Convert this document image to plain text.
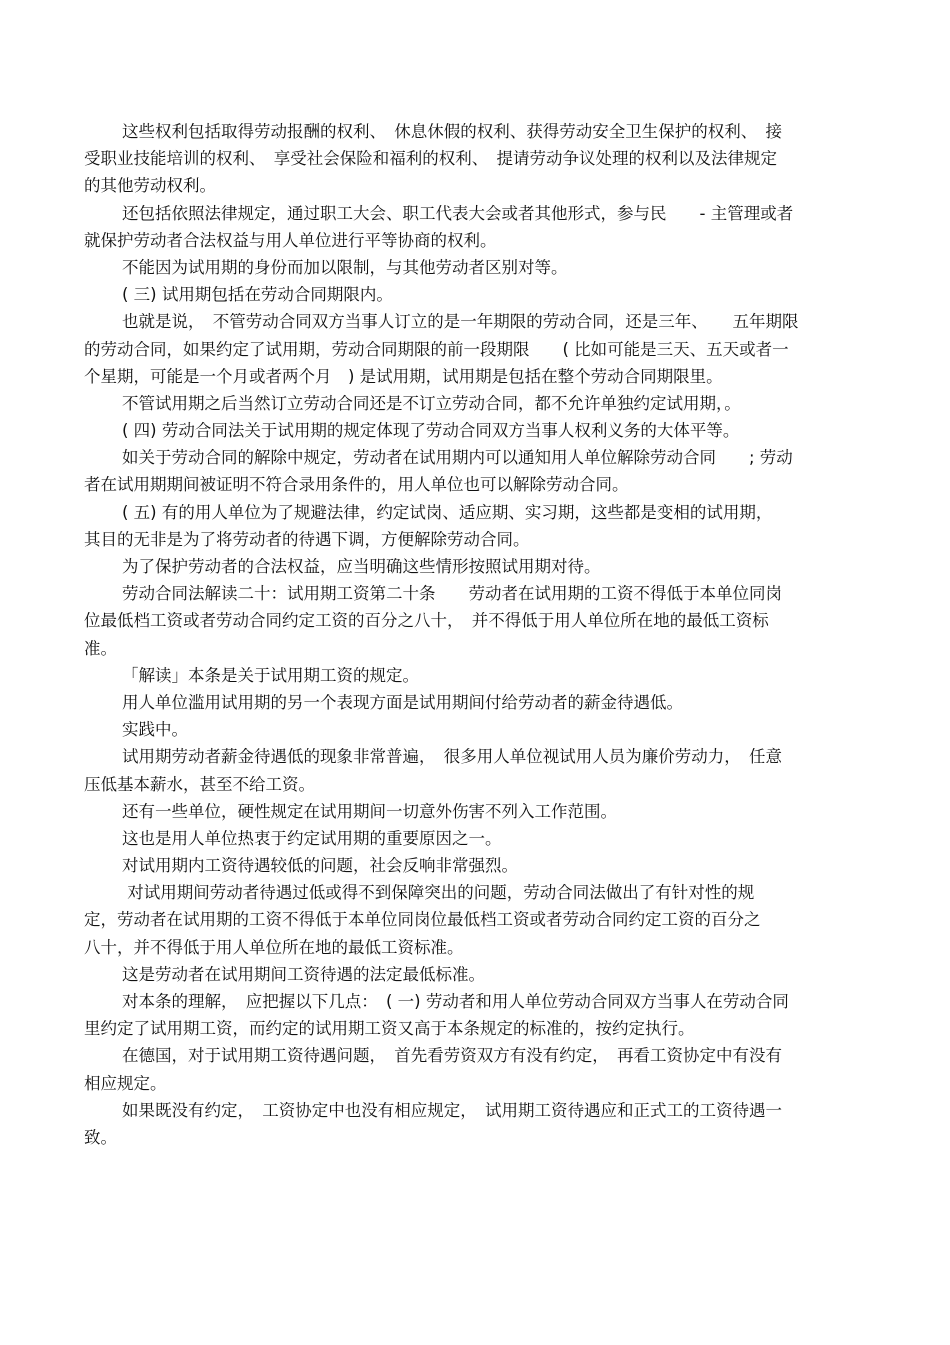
这些权利包括取得劳动报酬的权利、　休息休假的权利、获得劳动安全卫生保护的权利、　接
受职业技能培训的权利、　享受社会保险和福利的权利、　提请劳动争议处理的权利以及法律规定
的其他劳动权利。
还包括依照法律规定，通过职工大会、职工代表大会或者其他形式，参与民　　- 主管理或者
就保护劳动者合法权益与用人单位进行平等协商的权利。
不能因为试用期的身份而加以限制，与其他劳动者区别对等。
( 三) 试用期包括在劳动合同期限内。
也就是说，　不管劳动合同双方当事人订立的是一年期限的劳动合同，还是三年、　　五年期限
的劳动合同，如果约定了试用期，劳动合同期限的前一段期限　　( 比如可能是三天、五天或者一
个星期，可能是一个月或者两个月　) 是试用期，试用期是包括在整个劳动合同期限里。
不管试用期之后当然订立劳动合同还是不订立劳动合同，都不允许单独约定试用期，。
( 四) 劳动合同法关于试用期的规定体现了劳动合同双方当事人权利义务的大体平等。
如关于劳动合同的解除中规定，劳动者在试用期内可以通知用人单位解除劳动合同　　; 劳动
者在试用期期间被证明不符合录用条件的，用人单位也可以解除劳动合同。
( 五) 有的用人单位为了规避法律，约定试岗、适应期、实习期，这些都是变相的试用期，
其目的无非是为了将劳动者的待遇下调，方便解除劳动合同。
为了保护劳动者的合法权益，应当明确这些情形按照试用期对待。
劳动合同法解读二十：试用期工资第二十条　　劳动者在试用期的工资不得低于本单位同岗
位最低档工资或者劳动合同约定工资的百分之八十，　并不得低于用人单位所在地的最低工资标
准。
「解读」本条是关于试用期工资的规定。
用人单位滥用试用期的另一个表现方面是试用期间付给劳动者的薪金待遇低。
实践中。
试用期劳动者薪金待遇低的现象非常普遍，　很多用人单位视试用人员为廉价劳动力，　任意
压低基本薪水，甚至不给工资。
还有一些单位，硬性规定在试用期间一切意外伤害不列入工作范围。
这也是用人单位热衷于约定试用期的重要原因之一。
对试用期内工资待遇较低的问题，社会反响非常强烈。
对试用期间劳动者待遇过低或得不到保障突出的问题，劳动合同法做出了有针对性的规
定，劳动者在试用期的工资不得低于本单位同岗位最低档工资或者劳动合同约定工资的百分之
八十，并不得低于用人单位所在地的最低工资标准。
这是劳动者在试用期间工资待遇的法定最低标准。
对本条的理解，　应把握以下几点：　( 一) 劳动者和用人单位劳动合同双方当事人在劳动合同
里约定了试用期工资，而约定的试用期工资又高于本条规定的标准的，按约定执行。
在德国，对于试用期工资待遇问题，　首先看劳资双方有没有约定，　再看工资协定中有没有
相应规定。
如果既没有约定，　工资协定中也没有相应规定，　试用期工资待遇应和正式工的工资待遇一
致。
